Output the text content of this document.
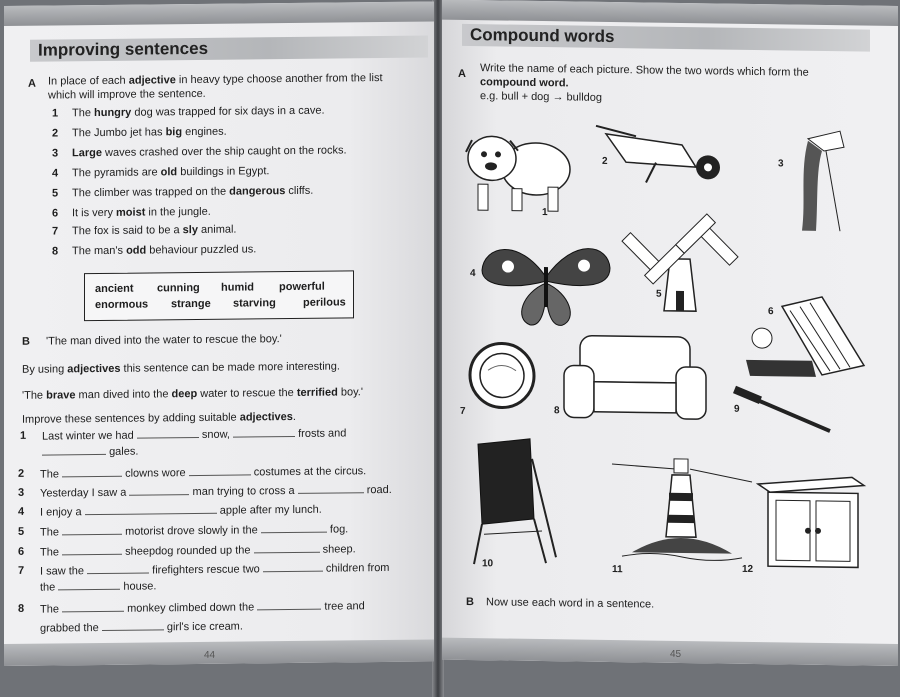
Improving sentences
A In place of each adjective in heavy type choose another from the list
which will improve the sentence.
1 The hungry dog was trapped for six days in a cave.
2 The Jumbo jet has big engines.
3 Large waves crashed over the ship caught on the rocks.
4 The pyramids are old buildings in Egypt.
5 The climber was trapped on the dangerous cliffs.
6 It is very moist in the jungle.
7 The fox is said to be a sly animal.
8 The man's odd behaviour puzzled us.
ancient cunning humid powerful
enormous strange starving perilous
B 'The man dived into the water to rescue the boy.'
By using adjectives this sentence can be made more interesting.
'The brave man dived into the deep water to rescue the terrified boy.'
Improve these sentences by adding suitable adjectives.
1 Last winter we had	snow,	frosts and
gales.
2 The	clowns wore	costumes at the circus.
3 Yesterday I saw a	man trying to cross a	road.
4 I enjoy a	apple after my lunch.
5 The	motorist drove slowly in the	fog.
6 The	sheepdog rounded up the	sheep.
7 I saw the	firefighters rescue two	children from
the	house.
8 The	monkey climbed down the	tree and
grabbed the	girl's ice cream.
44
Compound words
A Write the name of each picture. Show the two words which form the
compound word.
e.g. bull + dog → bulldog
1
2	3
4
5
6
7	8	9
10
11	12
B Now use each word in a sentence.
45
